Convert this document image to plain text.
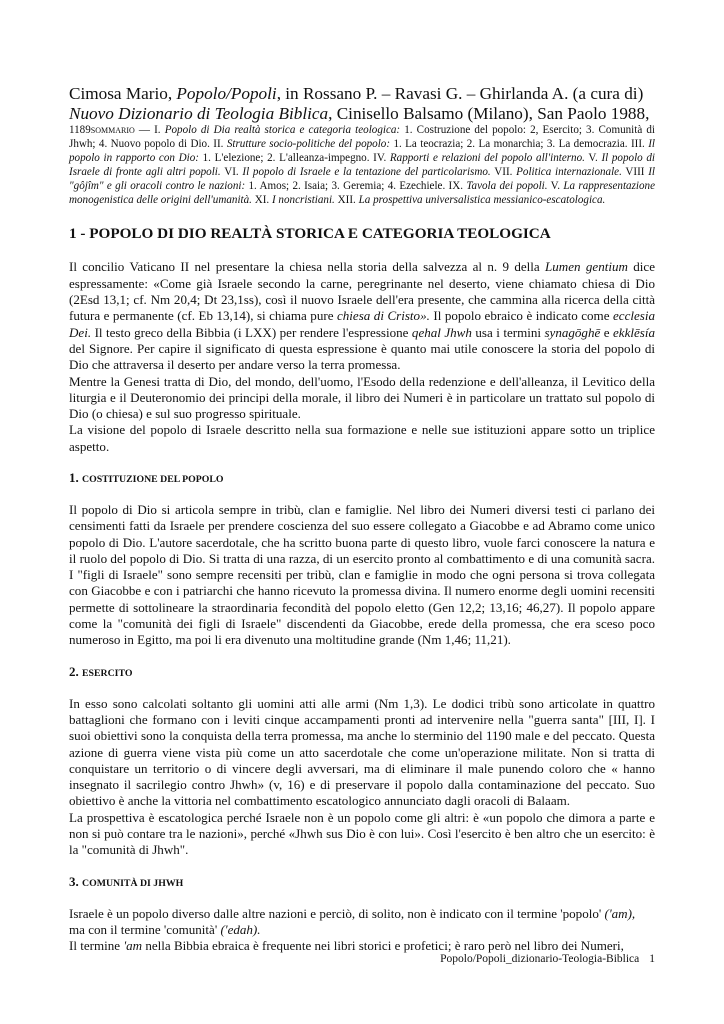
Cimosa Mario, Popolo/Popoli, in Rossano P. – Ravasi G. – Ghirlanda A. (a cura di)
Nuovo Dizionario di Teologia Biblica, Cinisello Balsamo (Milano), San Paolo 1988,

1189sommario — I. Popolo di Dia realtà storica e categoria teologica: 1. Costruzione del popolo: 2, Esercito; 3. Comunità di Jhwh; 4. Nuovo popolo di Dio. II. Strutture socio-politiche del popolo: 1. La teocrazia; 2. La monarchia; 3. La democrazia. III. Il popolo in rapporto con Dio: 1. L'elezione; 2. L'alleanza-impegno. IV. Rapporti e relazioni del popolo all'interno. V. Il popolo di Israele di fronte agli altri popoli. VI. Il popolo di Israele e la tentazione del particolarismo. VII. Politica internazionale. VIII Il "gôjîm" e gli oracoli contro le nazioni: 1. Amos; 2. Isaia; 3. Geremia; 4. Ezechiele. IX. Tavola dei popoli. V. La rappresentazione monogenistica delle origini dell'umanità. XI. I noncristiani. XII. La prospettiva universalistica messianico-escatologica.

1 - POPOLO DI DIO REALTÀ STORICA E CATEGORIA TEOLOGICA

Il concilio Vaticano II nel presentare la chiesa nella storia della salvezza al n. 9 della Lumen gentium dice espressamente: «Come già Israele secondo la carne, peregrinante nel deserto, viene chiamato chiesa di Dio (2Esd 13,1; cf. Nm 20,4; Dt 23,1ss), così il nuovo Israele dell'era presente, che cammina alla ricerca della città futura e permanente (cf. Eb 13,14), si chiama pure chiesa di Cristo». Il popolo ebraico è indicato come ecclesia Dei. Il testo greco della Bibbia (i LXX) per rendere l'espressione qehal Jhwh usa i termini synagōghē e ekklēsía del Signore. Per capire il significato di questa espressione è quanto mai utile conoscere la storia del popolo di Dio che attraversa il deserto per andare verso la terra promessa.

Mentre la Genesi tratta di Dio, del mondo, dell'uomo, l'Esodo della redenzione e dell'alleanza, il Levitico della liturgia e il Deuteronomio dei principi della morale, il libro dei Numeri è in particolare un trattato sul popolo di Dio (o chiesa) e sul suo progresso spirituale.

La visione del popolo di Israele descritto nella sua formazione e nelle sue istituzioni appare sotto un triplice aspetto.

1. COSTITUZIONE DEL POPOLO

Il popolo di Dio si articola sempre in tribù, clan e famiglie. Nel libro dei Numeri diversi testi ci parlano dei censimenti fatti da Israele per prendere coscienza del suo essere collegato a Giacobbe e ad Abramo come unico popolo di Dio. L'autore sacerdotale, che ha scritto buona parte di questo libro, vuole farci conoscere la natura e il ruolo del popolo di Dio. Si tratta di una razza, di un esercito pronto al combattimento e di una comunità sacra. I "figli di Israele" sono sempre recensiti per tribù, clan e famiglie in modo che ogni persona si trova collegata con Giacobbe e con i patriarchi che hanno ricevuto la promessa divina. Il numero enorme degli uomini recensiti permette di sottolineare la straordinaria fecondità del popolo eletto (Gen 12,2; 13,16; 46,27). Il popolo appare come la "comunità dei figli di Israele" discendenti da Giacobbe, erede della promessa, che era sceso poco numeroso in Egitto, ma poi li era divenuto una moltitudine grande (Nm 1,46; 11,21).

2. ESERCITO

In esso sono calcolati soltanto gli uomini atti alle armi (Nm 1,3). Le dodici tribù sono articolate in quattro battaglioni che formano con i leviti cinque accampamenti pronti ad intervenire nella "guerra santa" [III, I]. I suoi obiettivi sono la conquista della terra promessa, ma anche lo sterminio del 1190 male e del peccato. Questa azione di guerra viene vista più come un atto sacerdotale che come un'operazione militate. Non si tratta di conquistare un territorio o di vincere degli avversari, ma di eliminare il male punendo coloro che « hanno insegnato il sacrilegio contro Jhwh» (v, 16) e di preservare il popolo dalla contaminazione del peccato. Suo obiettivo è anche la vittoria nel combattimento escatologico annunciato dagli oracoli di Balaam.

La prospettiva è escatologica perché Israele non è un popolo come gli altri: è «un popolo che dimora a parte e non si può contare tra le nazioni», perché «Jhwh sus Dio è con lui». Così l'esercito è ben altro che un esercito: è la "comunità di Jhwh".

3. COMUNITÀ DI JHWH

Israele è un popolo diverso dalle altre nazioni e perciò, di solito, non è indicato con il termine 'popolo' ('am),
ma con il termine 'comunità' ('edah).

Il termine 'am nella Bibbia ebraica è frequente nei libri storici e profetici; è raro però nel libro dei Numeri,

Popolo/Popoli_dizionario-Teologia-Biblica 1
